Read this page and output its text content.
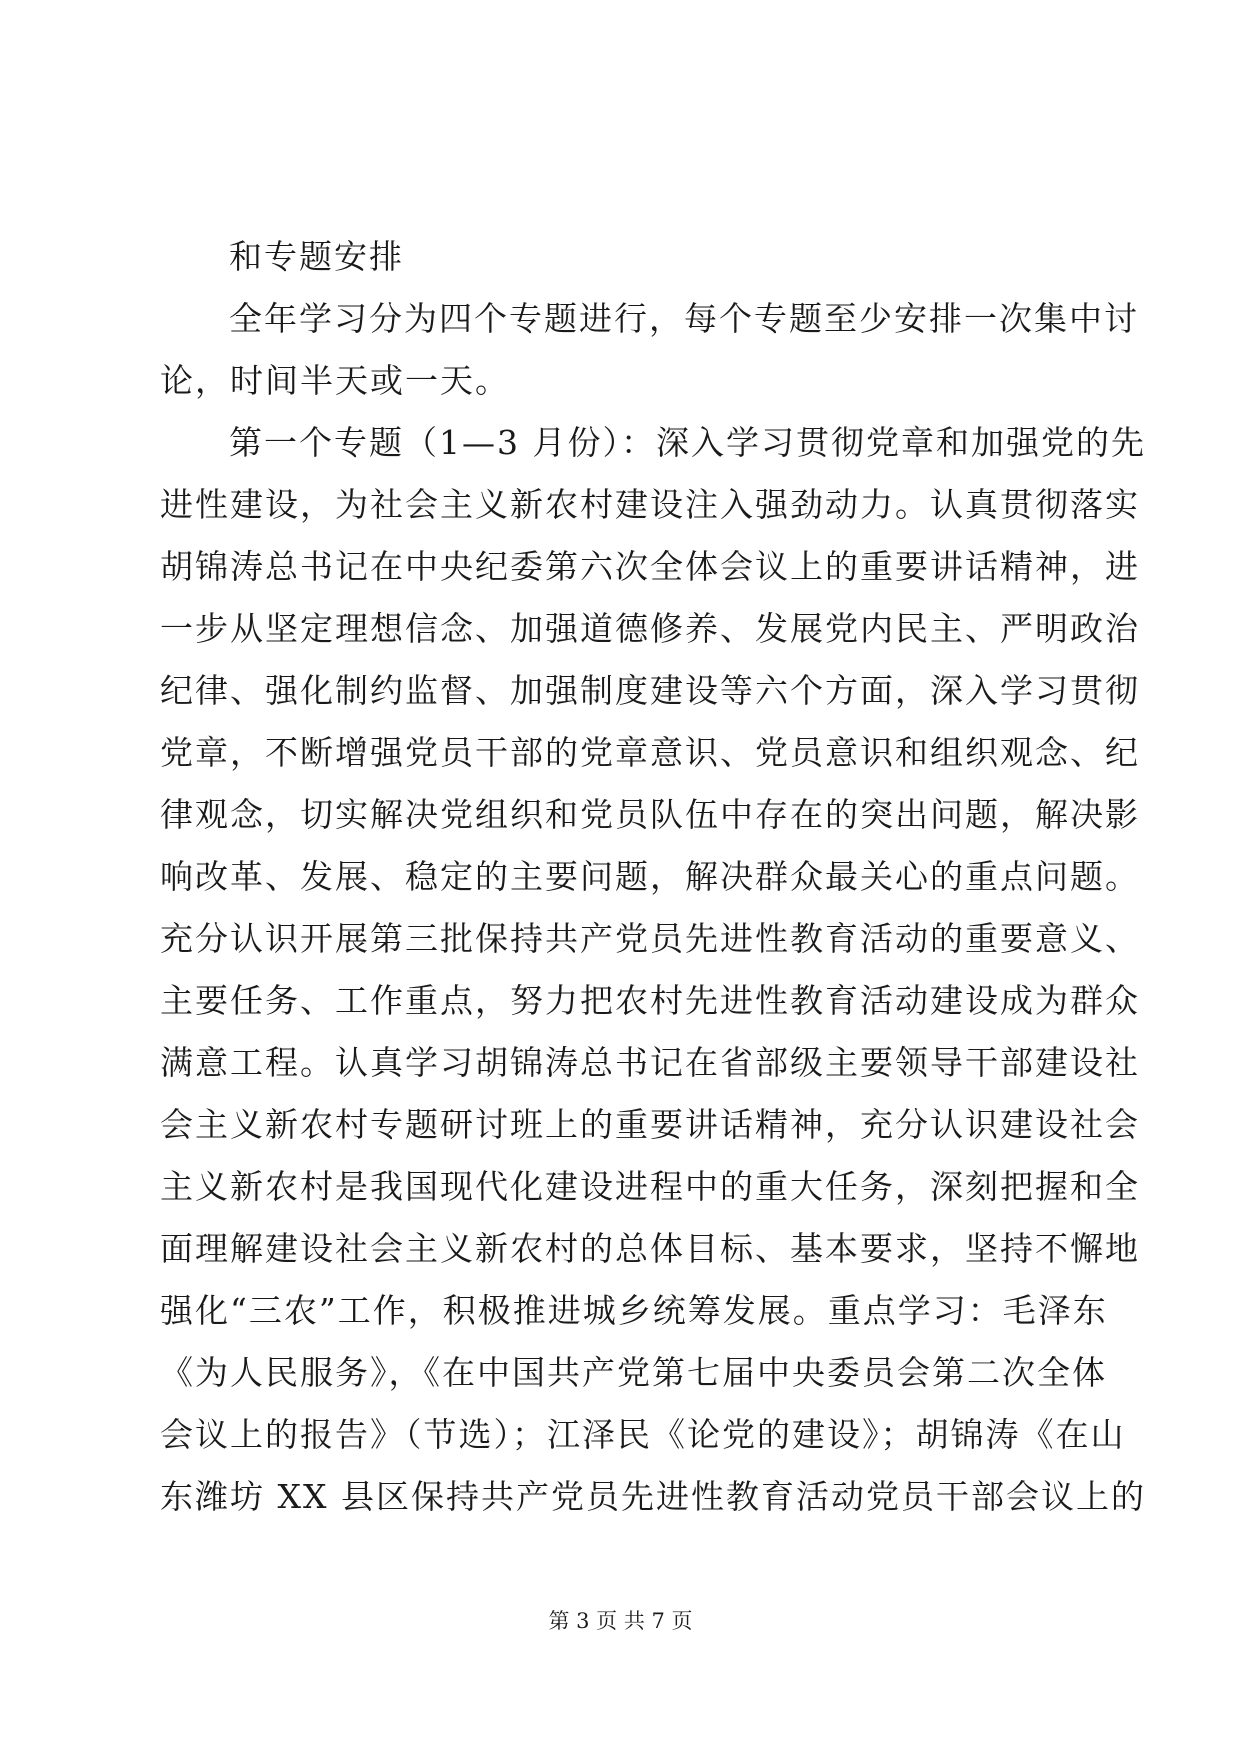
和专题安排
全年学习分为四个专题进行，每个专题至少安排一次集中讨
论，时间半天或一天。
第一个专题（1—3 月份）：深入学习贯彻党章和加强党的先
进性建设，为社会主义新农村建设注入强劲动力。认真贯彻落实
胡锦涛总书记在中央纪委第六次全体会议上的重要讲话精神，进
一步从坚定理想信念、加强道德修养、发展党内民主、严明政治
纪律、强化制约监督、加强制度建设等六个方面，深入学习贯彻
党章，不断增强党员干部的党章意识、党员意识和组织观念、纪
律观念，切实解决党组织和党员队伍中存在的突出问题，解决影
响改革、发展、稳定的主要问题，解决群众最关心的重点问题。
充分认识开展第三批保持共产党员先进性教育活动的重要意义、
主要任务、工作重点，努力把农村先进性教育活动建设成为群众
满意工程。认真学习胡锦涛总书记在省部级主要领导干部建设社
会主义新农村专题研讨班上的重要讲话精神，充分认识建设社会
主义新农村是我国现代化建设进程中的重大任务，深刻把握和全
面理解建设社会主义新农村的总体目标、基本要求，坚持不懈地
强化“三农”工作，积极推进城乡统筹发展。重点学习：毛泽东
《为人民服务》，《在中国共产党第七届中央委员会第二次全体
会议上的报告》（节选）；江泽民《论党的建设》；胡锦涛《在山
东潍坊 XX 县区保持共产党员先进性教育活动党员干部会议上的
第 3 页 共 7 页
